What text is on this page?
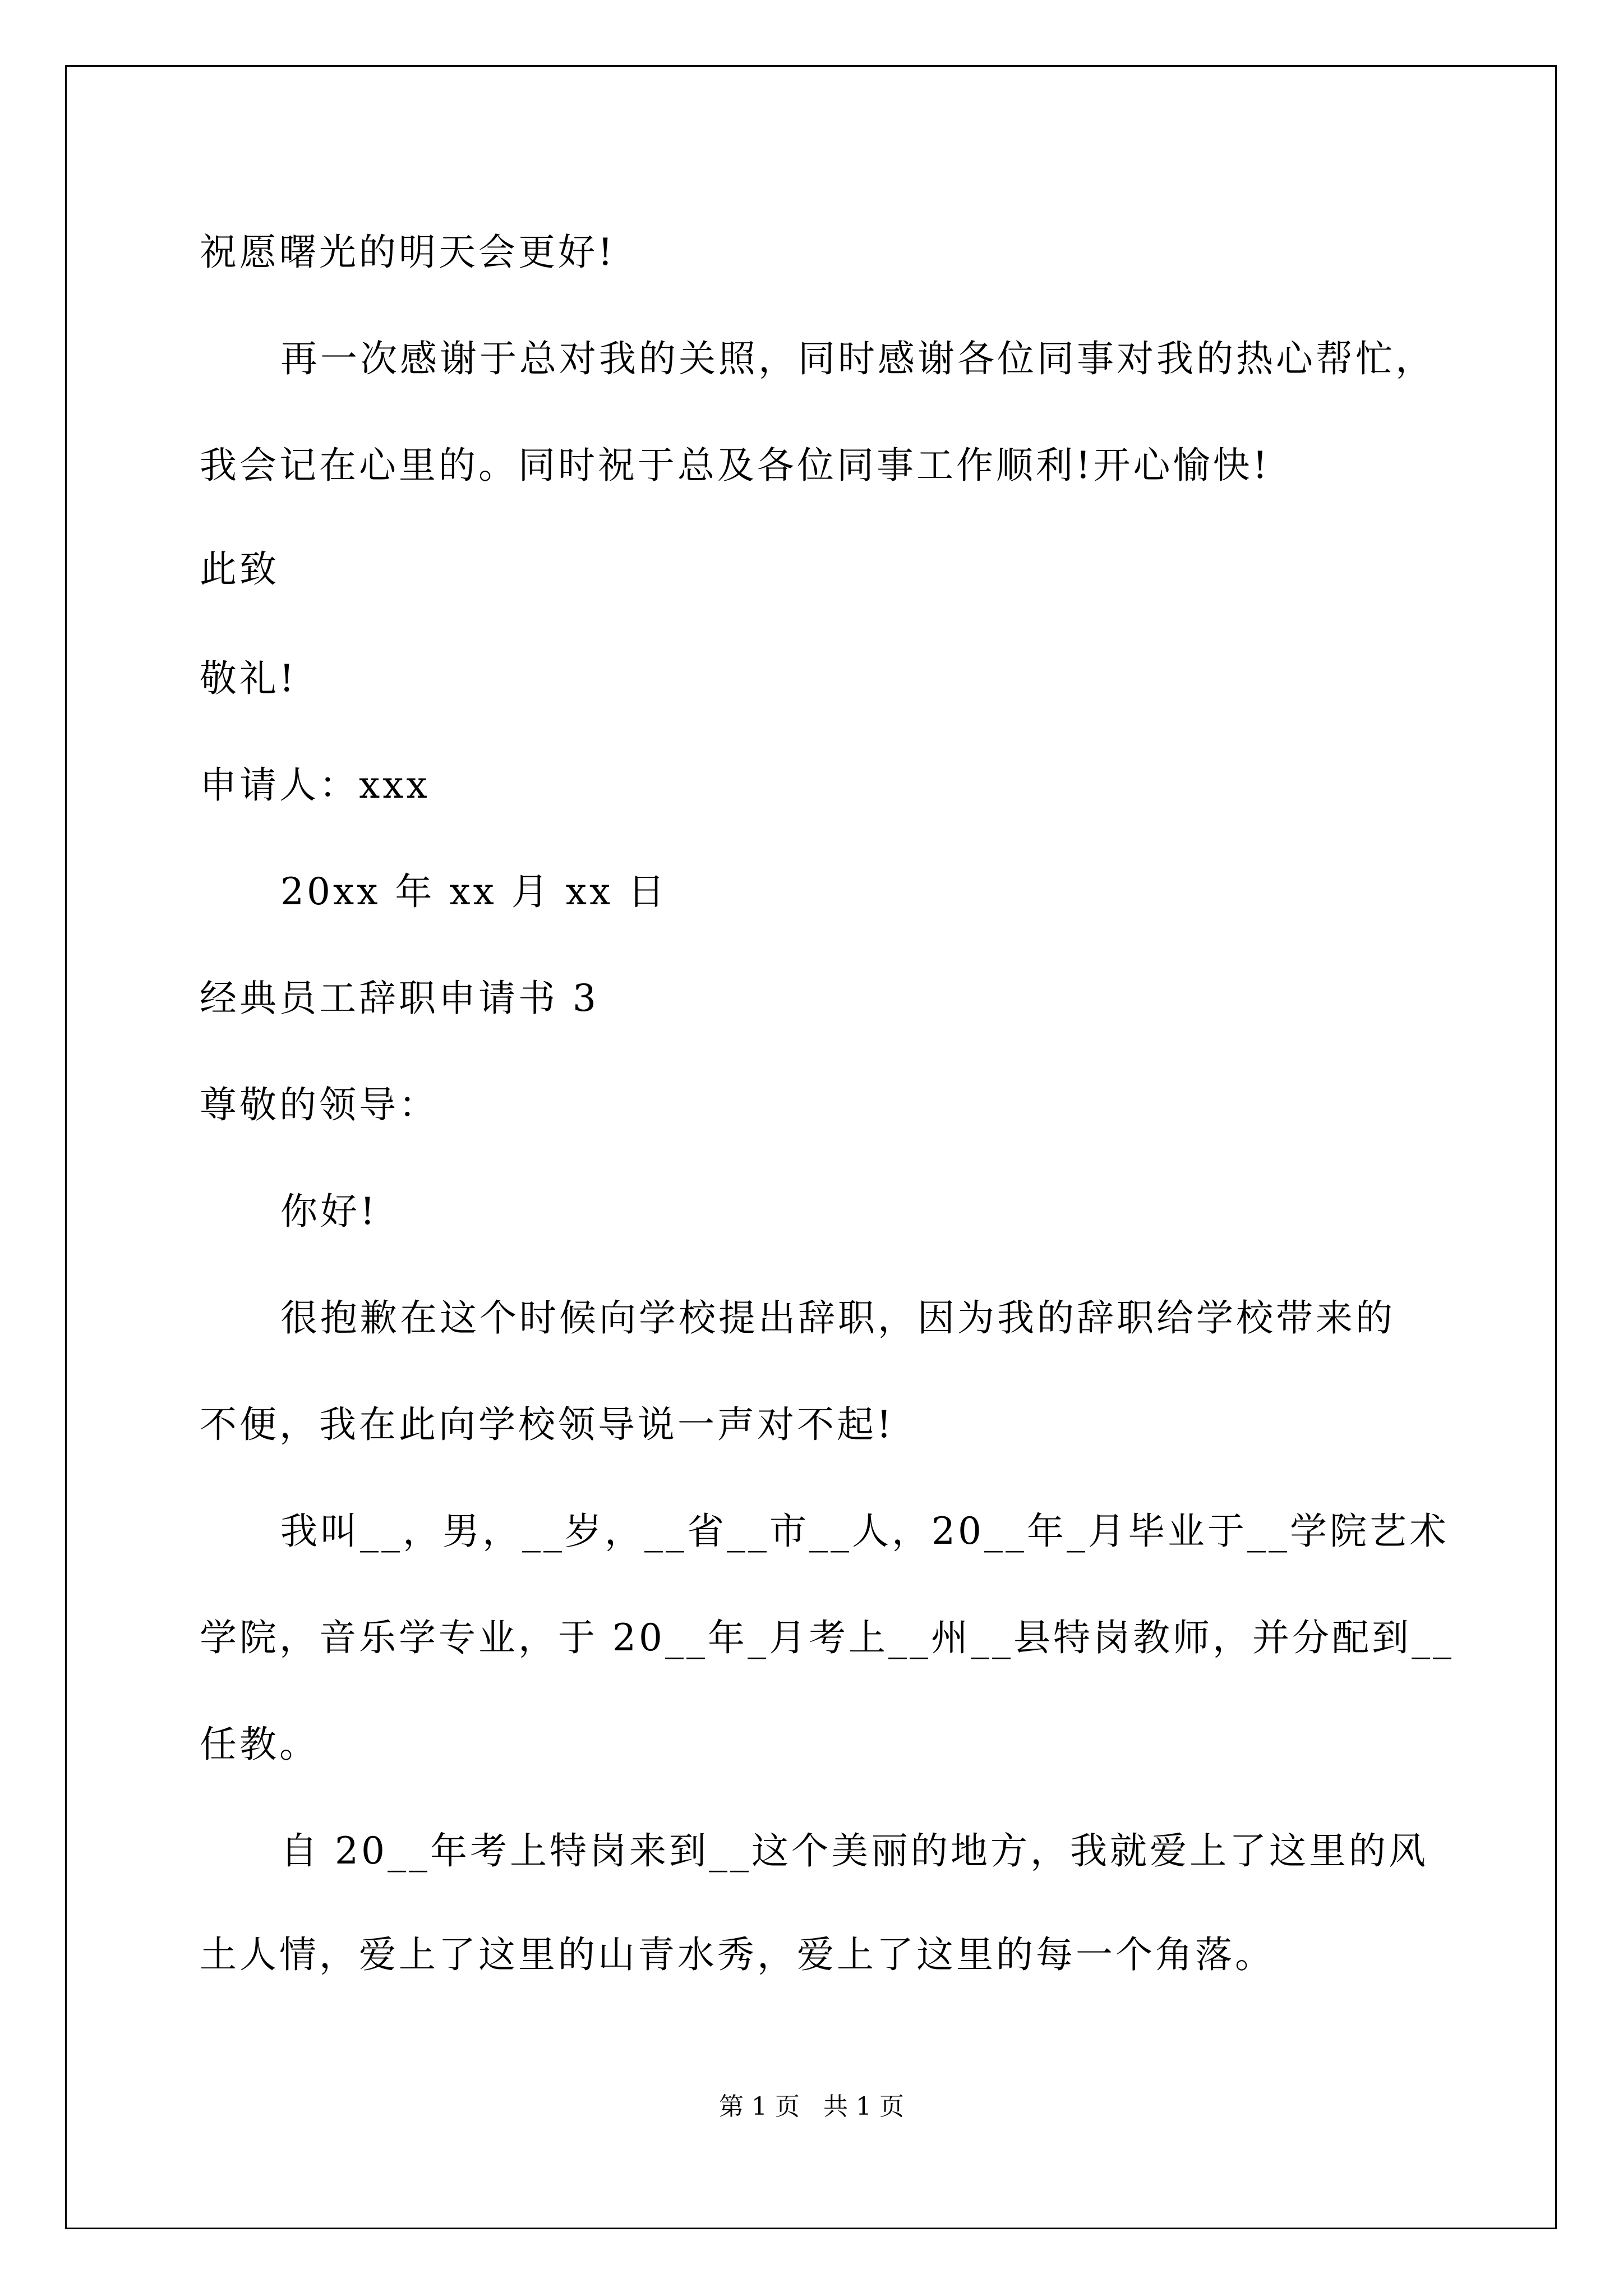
祝愿曙光的明天会更好!
再一次感谢于总对我的关照，同时感谢各位同事对我的热心帮忙，
我会记在心里的。同时祝于总及各位同事工作顺利!开心愉快!
此致
敬礼!
申请人：xxx
20xx 年 xx 月 xx 日
经典员工辞职申请书 3
尊敬的领导：
你好!
很抱歉在这个时候向学校提出辞职，因为我的辞职给学校带来的
不便，我在此向学校领导说一声对不起!
我叫__，男，__岁，__省__市__人，20__年_月毕业于__学院艺术
学院，音乐学专业，于 20__年_月考上__州__县特岗教师，并分配到__
任教。
自 20__年考上特岗来到__这个美丽的地方，我就爱上了这里的风
土人情，爱上了这里的山青水秀，爱上了这里的每一个角落。
第 1 页   共 1 页
